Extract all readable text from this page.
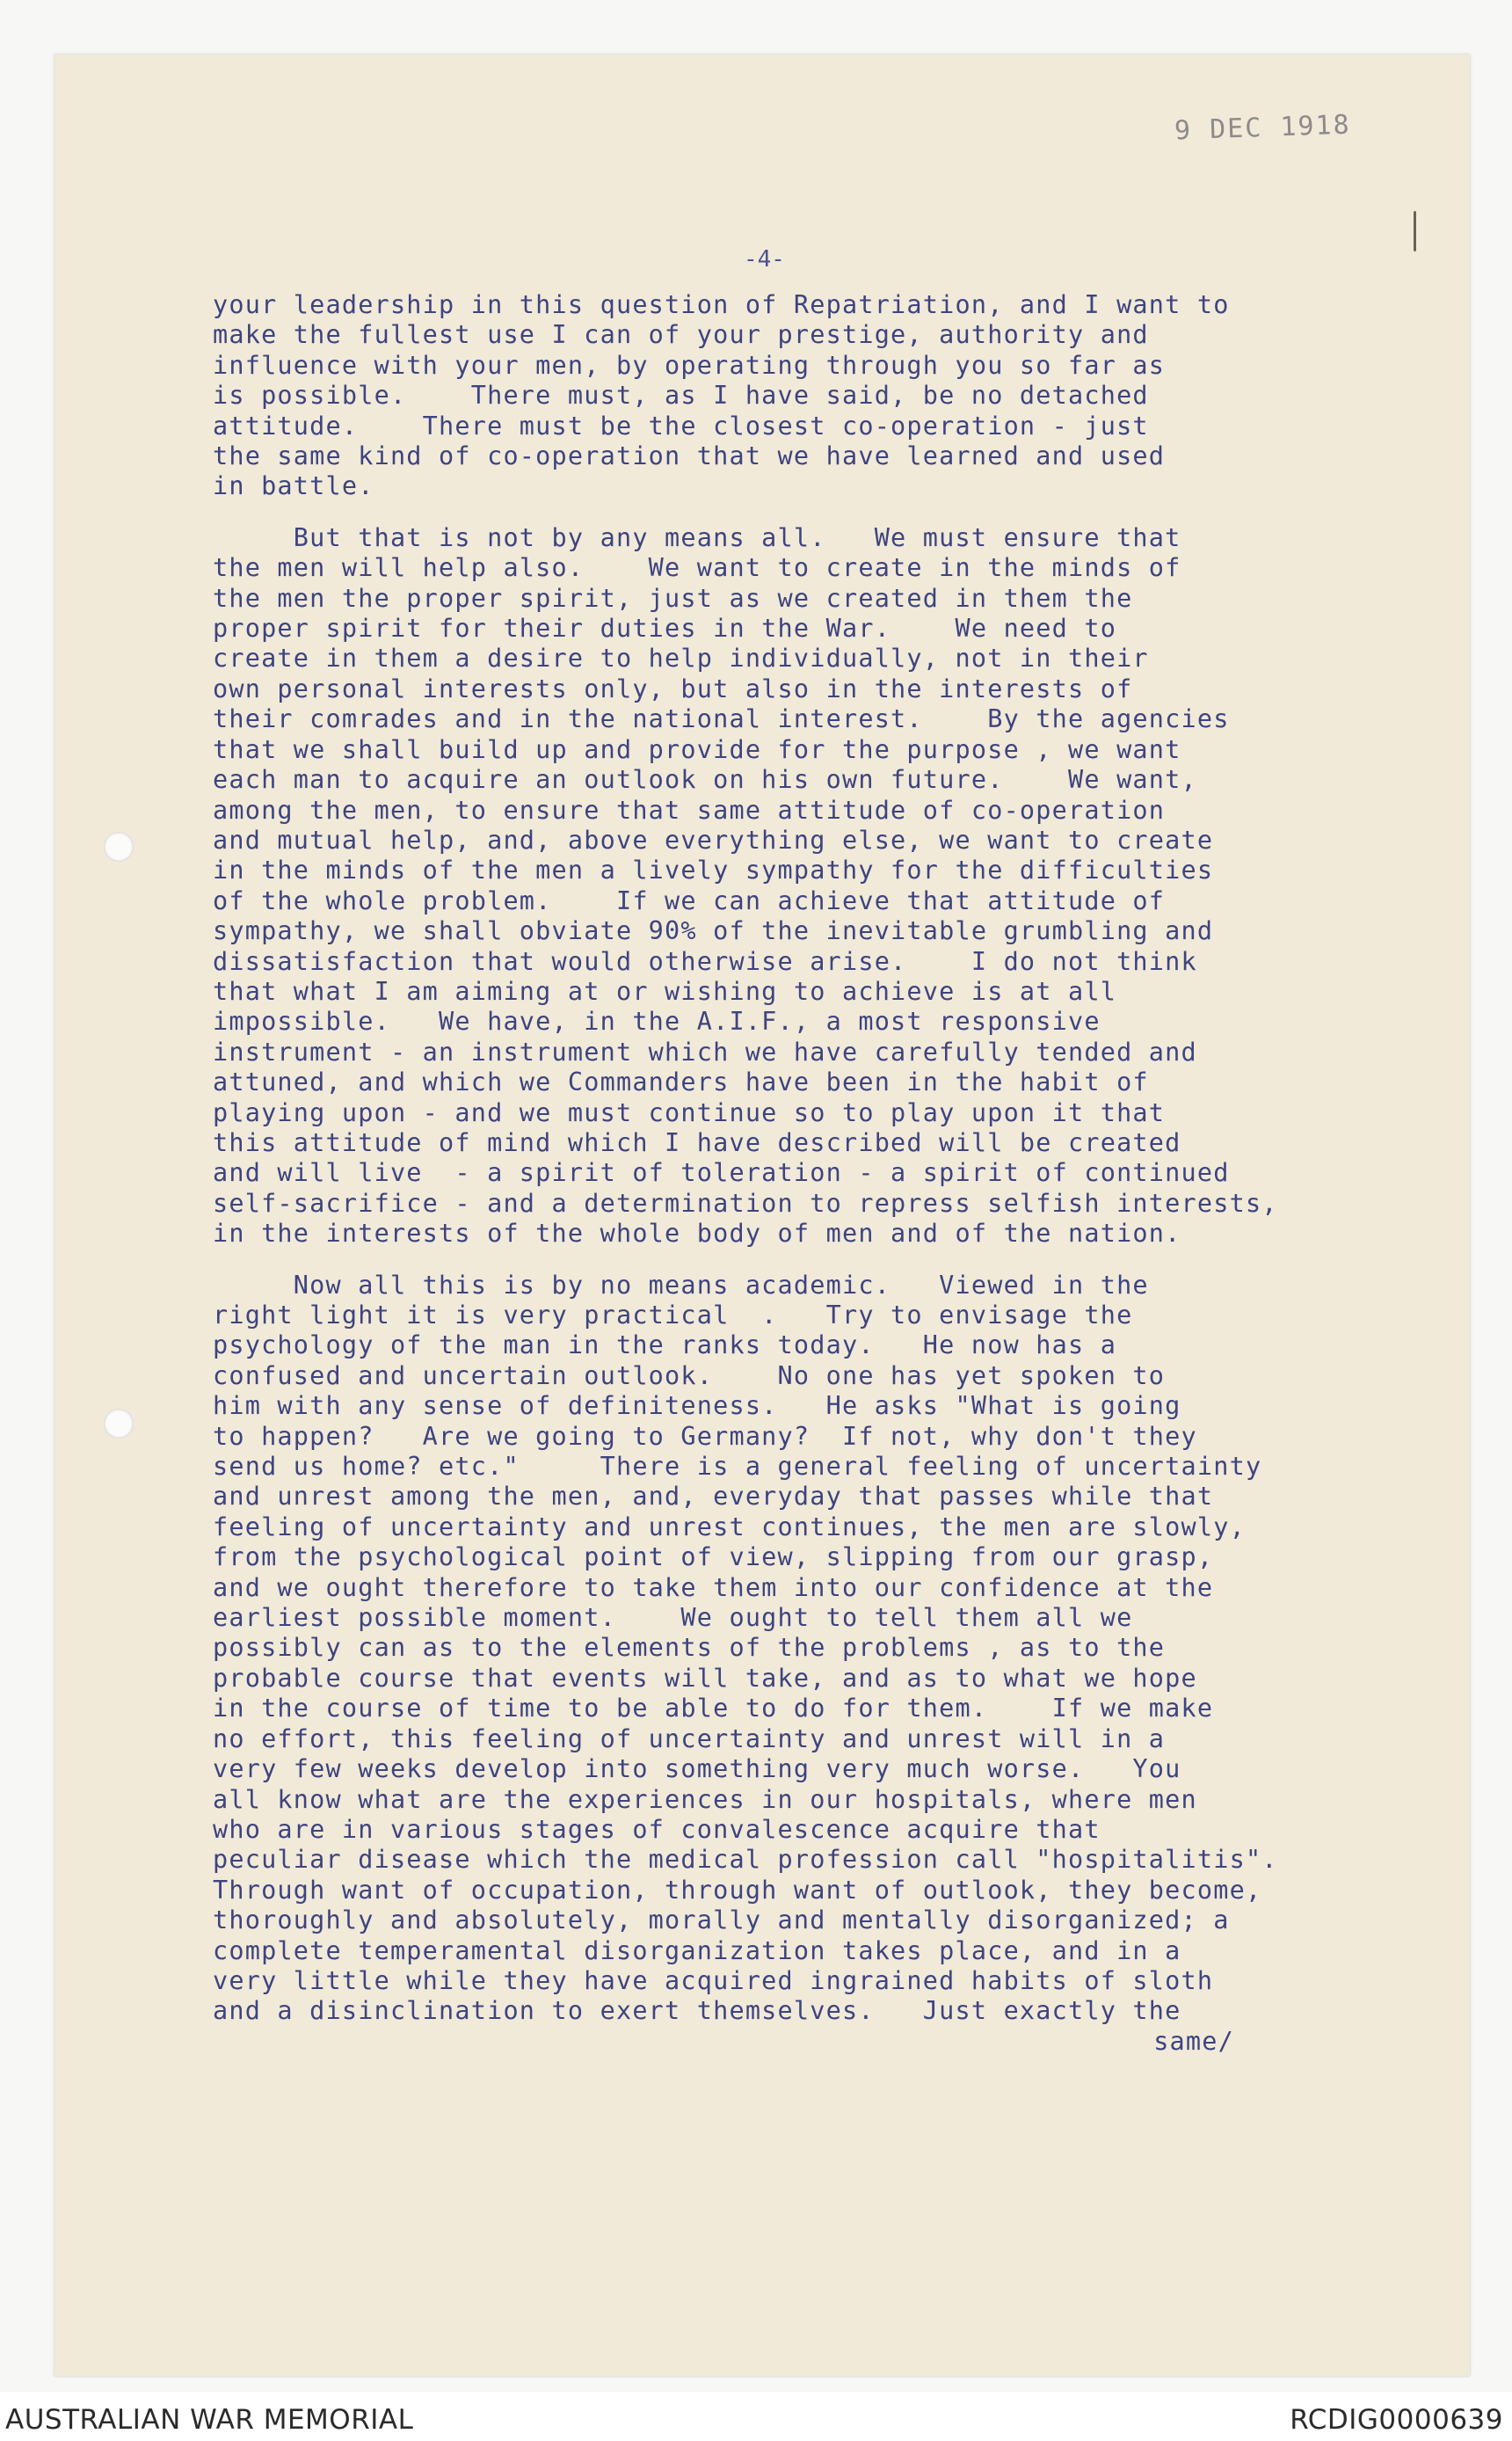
9 DEC 1918
-4-
your leadership in this question of Repatriation, and I want to
make the fullest use I can of your prestige, authority and
influence with your men, by operating through you so far as
is possible.    There must, as I have said, be no detached
attitude.    There must be the closest co-operation - just
the same kind of co-operation that we have learned and used
in battle.
But that is not by any means all.   We must ensure that
the men will help also.    We want to create in the minds of
the men the proper spirit, just as we created in them the
proper spirit for their duties in the War.    We need to
create in them a desire to help individually, not in their
own personal interests only, but also in the interests of
their comrades and in the national interest.    By the agencies
that we shall build up and provide for the purpose , we want
each man to acquire an outlook on his own future.    We want,
among the men, to ensure that same attitude of co-operation
and mutual help, and, above everything else, we want to create
in the minds of the men a lively sympathy for the difficulties
of the whole problem.    If we can achieve that attitude of
sympathy, we shall obviate 90% of the inevitable grumbling and
dissatisfaction that would otherwise arise.    I do not think
that what I am aiming at or wishing to achieve is at all
impossible.   We have, in the A.I.F., a most responsive
instrument - an instrument which we have carefully tended and
attuned, and which we Commanders have been in the habit of
playing upon - and we must continue so to play upon it that
this attitude of mind which I have described will be created
and will live  - a spirit of toleration - a spirit of continued
self-sacrifice - and a determination to repress selfish interests,
in the interests of the whole body of men and of the nation.
Now all this is by no means academic.   Viewed in the
right light it is very practical  .   Try to envisage the
psychology of the man in the ranks today.   He now has a
confused and uncertain outlook.    No one has yet spoken to
him with any sense of definiteness.   He asks "What is going
to happen?   Are we going to Germany?  If not, why don't they
send us home? etc."     There is a general feeling of uncertainty
and unrest among the men, and, everyday that passes while that
feeling of uncertainty and unrest continues, the men are slowly,
from the psychological point of view, slipping from our grasp,
and we ought therefore to take them into our confidence at the
earliest possible moment.    We ought to tell them all we
possibly can as to the elements of the problems , as to the
probable course that events will take, and as to what we hope
in the course of time to be able to do for them.    If we make
no effort, this feeling of uncertainty and unrest will in a
very few weeks develop into something very much worse.   You
all know what are the experiences in our hospitals, where men
who are in various stages of convalescence acquire that
peculiar disease which the medical profession call "hospitalitis".
Through want of occupation, through want of outlook, they become,
thoroughly and absolutely, morally and mentally disorganized; a
complete temperamental disorganization takes place, and in a
very little while they have acquired ingrained habits of sloth
and a disinclination to exert themselves.   Just exactly the
same/
AUSTRALIAN WAR MEMORIAL	RCDIG0000639
